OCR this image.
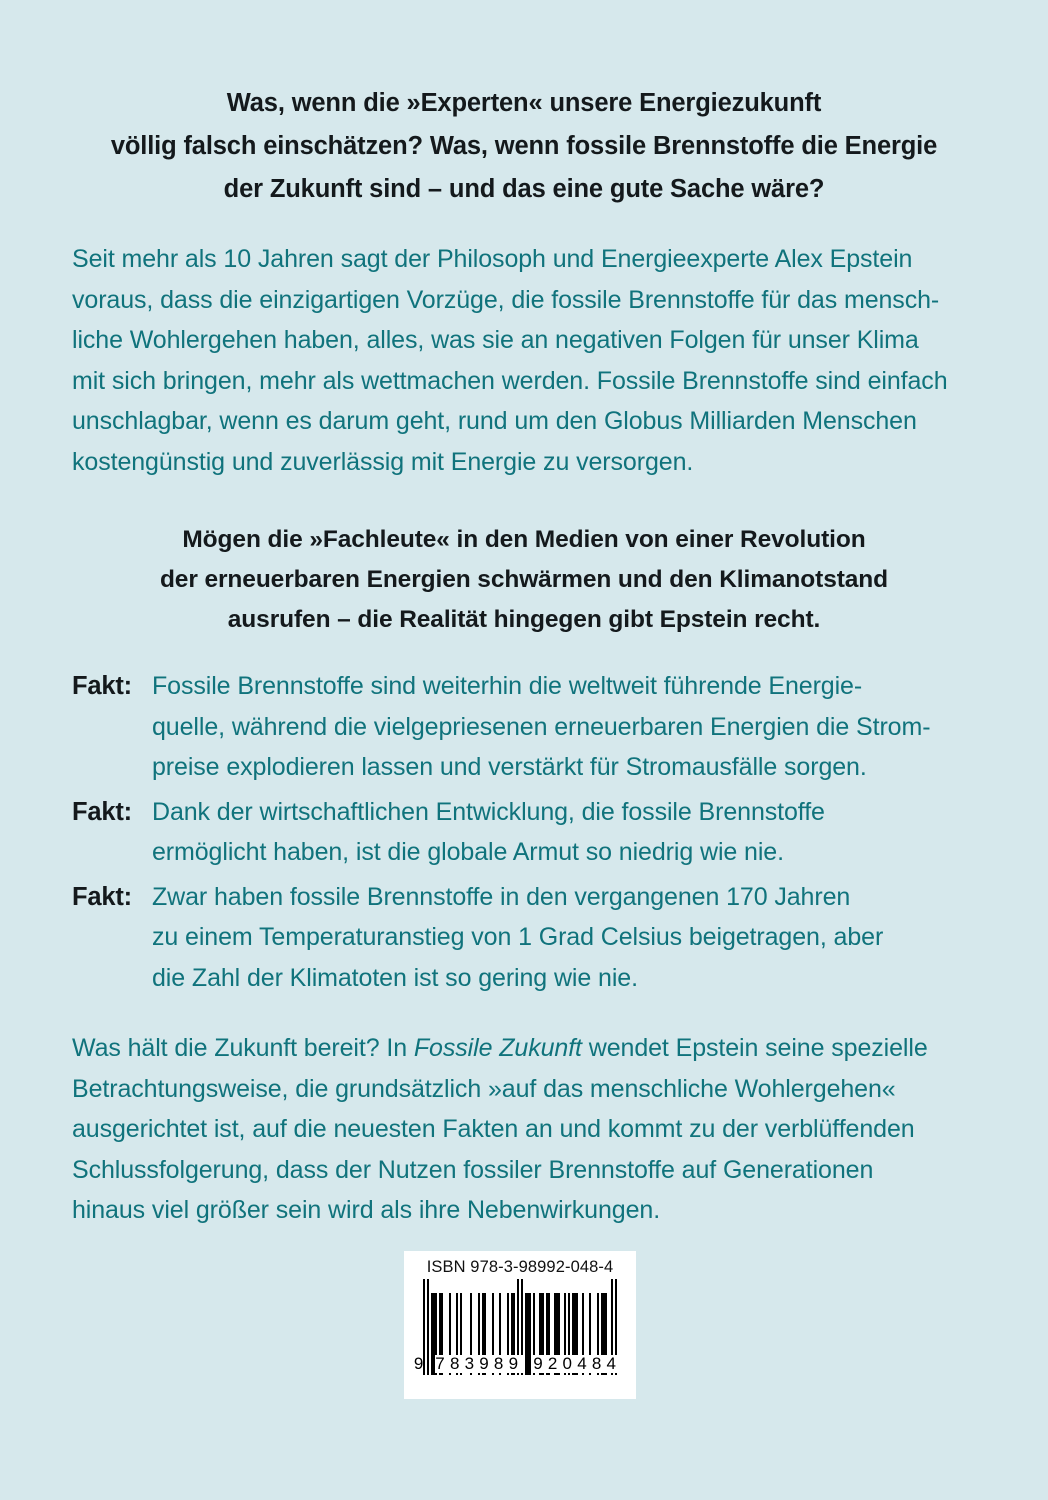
Was, wenn die »Experten« unsere Energiezukunft
völlig falsch einschätzen? Was, wenn fossile Brennstoffe die Energie
der Zukunft sind – und das eine gute Sache wäre?
Seit mehr als 10 Jahren sagt der Philosoph und Energieexperte Alex Epstein
voraus, dass die einzigartigen Vorzüge, die fossile Brennstoffe für das mensch-
liche Wohlergehen haben, alles, was sie an negativen Folgen für unser Klima
mit sich bringen, mehr als wettmachen werden. Fossile Brennstoffe sind einfach
unschlagbar, wenn es darum geht, rund um den Globus Milliarden Menschen
kostengünstig und zuverlässig mit Energie zu versorgen.
Mögen die »Fachleute« in den Medien von einer Revolution
der erneuerbaren Energien schwärmen und den Klimanotstand
ausrufen – die Realität hingegen gibt Epstein recht.
Fakt: Fossile Brennstoffe sind weiterhin die weltweit führende Energie-
quelle, während die vielgepriesenen erneuerbaren Energien die Strom-
preise explodieren lassen und verstärkt für Stromausfälle sorgen.
Fakt: Dank der wirtschaftlichen Entwicklung, die fossile Brennstoffe
ermöglicht haben, ist die globale Armut so niedrig wie nie.
Fakt: Zwar haben fossile Brennstoffe in den vergangenen 170 Jahren
zu einem Temperaturanstieg von 1 Grad Celsius beigetragen, aber
die Zahl der Klimatoten ist so gering wie nie.
Was hält die Zukunft bereit? In Fossile Zukunft wendet Epstein seine spezielle
Betrachtungsweise, die grundsätzlich »auf das menschliche Wohlergehen«
ausgerichtet ist, auf die neuesten Fakten an und kommt zu der verblüffenden
Schlussfolgerung, dass der Nutzen fossiler Brennstoffe auf Generationen
hinaus viel größer sein wird als ihre Nebenwirkungen.
ISBN 978-3-98992-048-4
9 783989 920484
